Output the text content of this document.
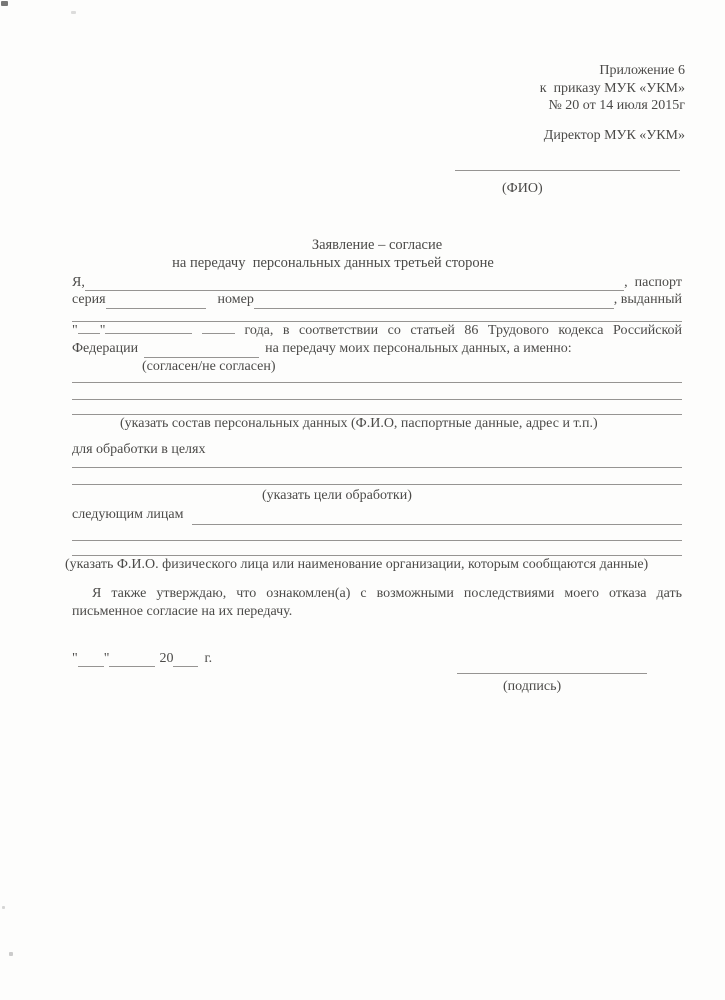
Приложение 6
к  приказу МУК «УКМ»
№ 20 от 14 июля 2015г
Директор МУК «УКМ»
(ФИО)
Заявление – согласие
на передачу  персональных данных третьей стороне
Я,	,  паспорт
серия	номер	, выданный
" "	года, в соответствии со статьей 86 Трудового кодекса Российской
Федерации	на передачу моих персональных данных, а именно:
(согласен/не согласен)
(указать состав персональных данных (Ф.И.О, паспортные данные, адрес и т.п.)
для обработки в целях
(указать цели обработки)
следующим лицам
(указать Ф.И.О. физического лица или наименование организации, которым сообщаются данные)
Я также утверждаю, что ознакомлен(а) с возможными последствиями моего отказа дать
письменное согласие на их передачу.
" "	20 г.
(подпись)
